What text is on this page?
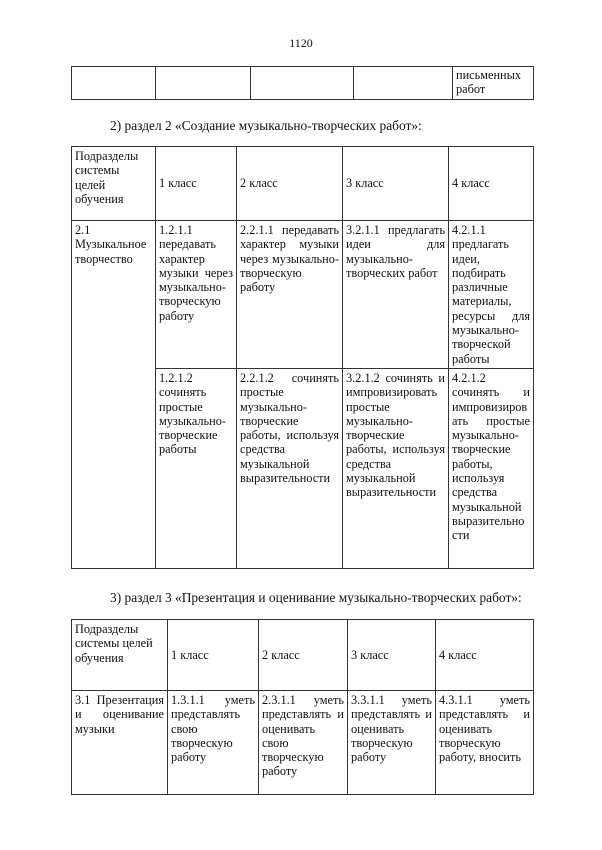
1120
				письменных работ
2) раздел 2 «Создание музыкально-творческих работ»:
Подразделы системы целей обучения	1 класс	2 класс	3 класс	4 класс
2.1 Музыкальное творчество	1.2.1.1 передавать характер музыки через музыкально-творческую работу	2.2.1.1 передавать характер музыки через музыкально-творческую работу	3.2.1.1 предлагать идеи для музыкально-творческих работ	4.2.1.1 предлагать идеи, подбирать различные материалы, ресурсы для музыкально-творческой работы
	1.2.1.2 сочинять простые музыкально-творческие работы	2.2.1.2 сочинять простые музыкально-творческие работы, используя средства музыкальной выразительности	3.2.1.2 сочинять и импровизировать простые музыкально-творческие работы, используя средства музыкальной выразительности	4.2.1.2 сочинять и импровизировать простые музыкально-творческие работы, используя средства музыкальной выразительности
3) раздел 3 «Презентация и оценивание музыкально-творческих работ»:
Подразделы системы целей обучения	1 класс	2 класс	3 класс	4 класс
3.1 Презентация и оценивание музыки	1.3.1.1 уметь представлять свою творческую работу	2.3.1.1 уметь представлять и оценивать свою творческую работу	3.3.1.1 уметь представлять и оценивать творческую работу	4.3.1.1 уметь представлять и оценивать творческую работу, вносить
